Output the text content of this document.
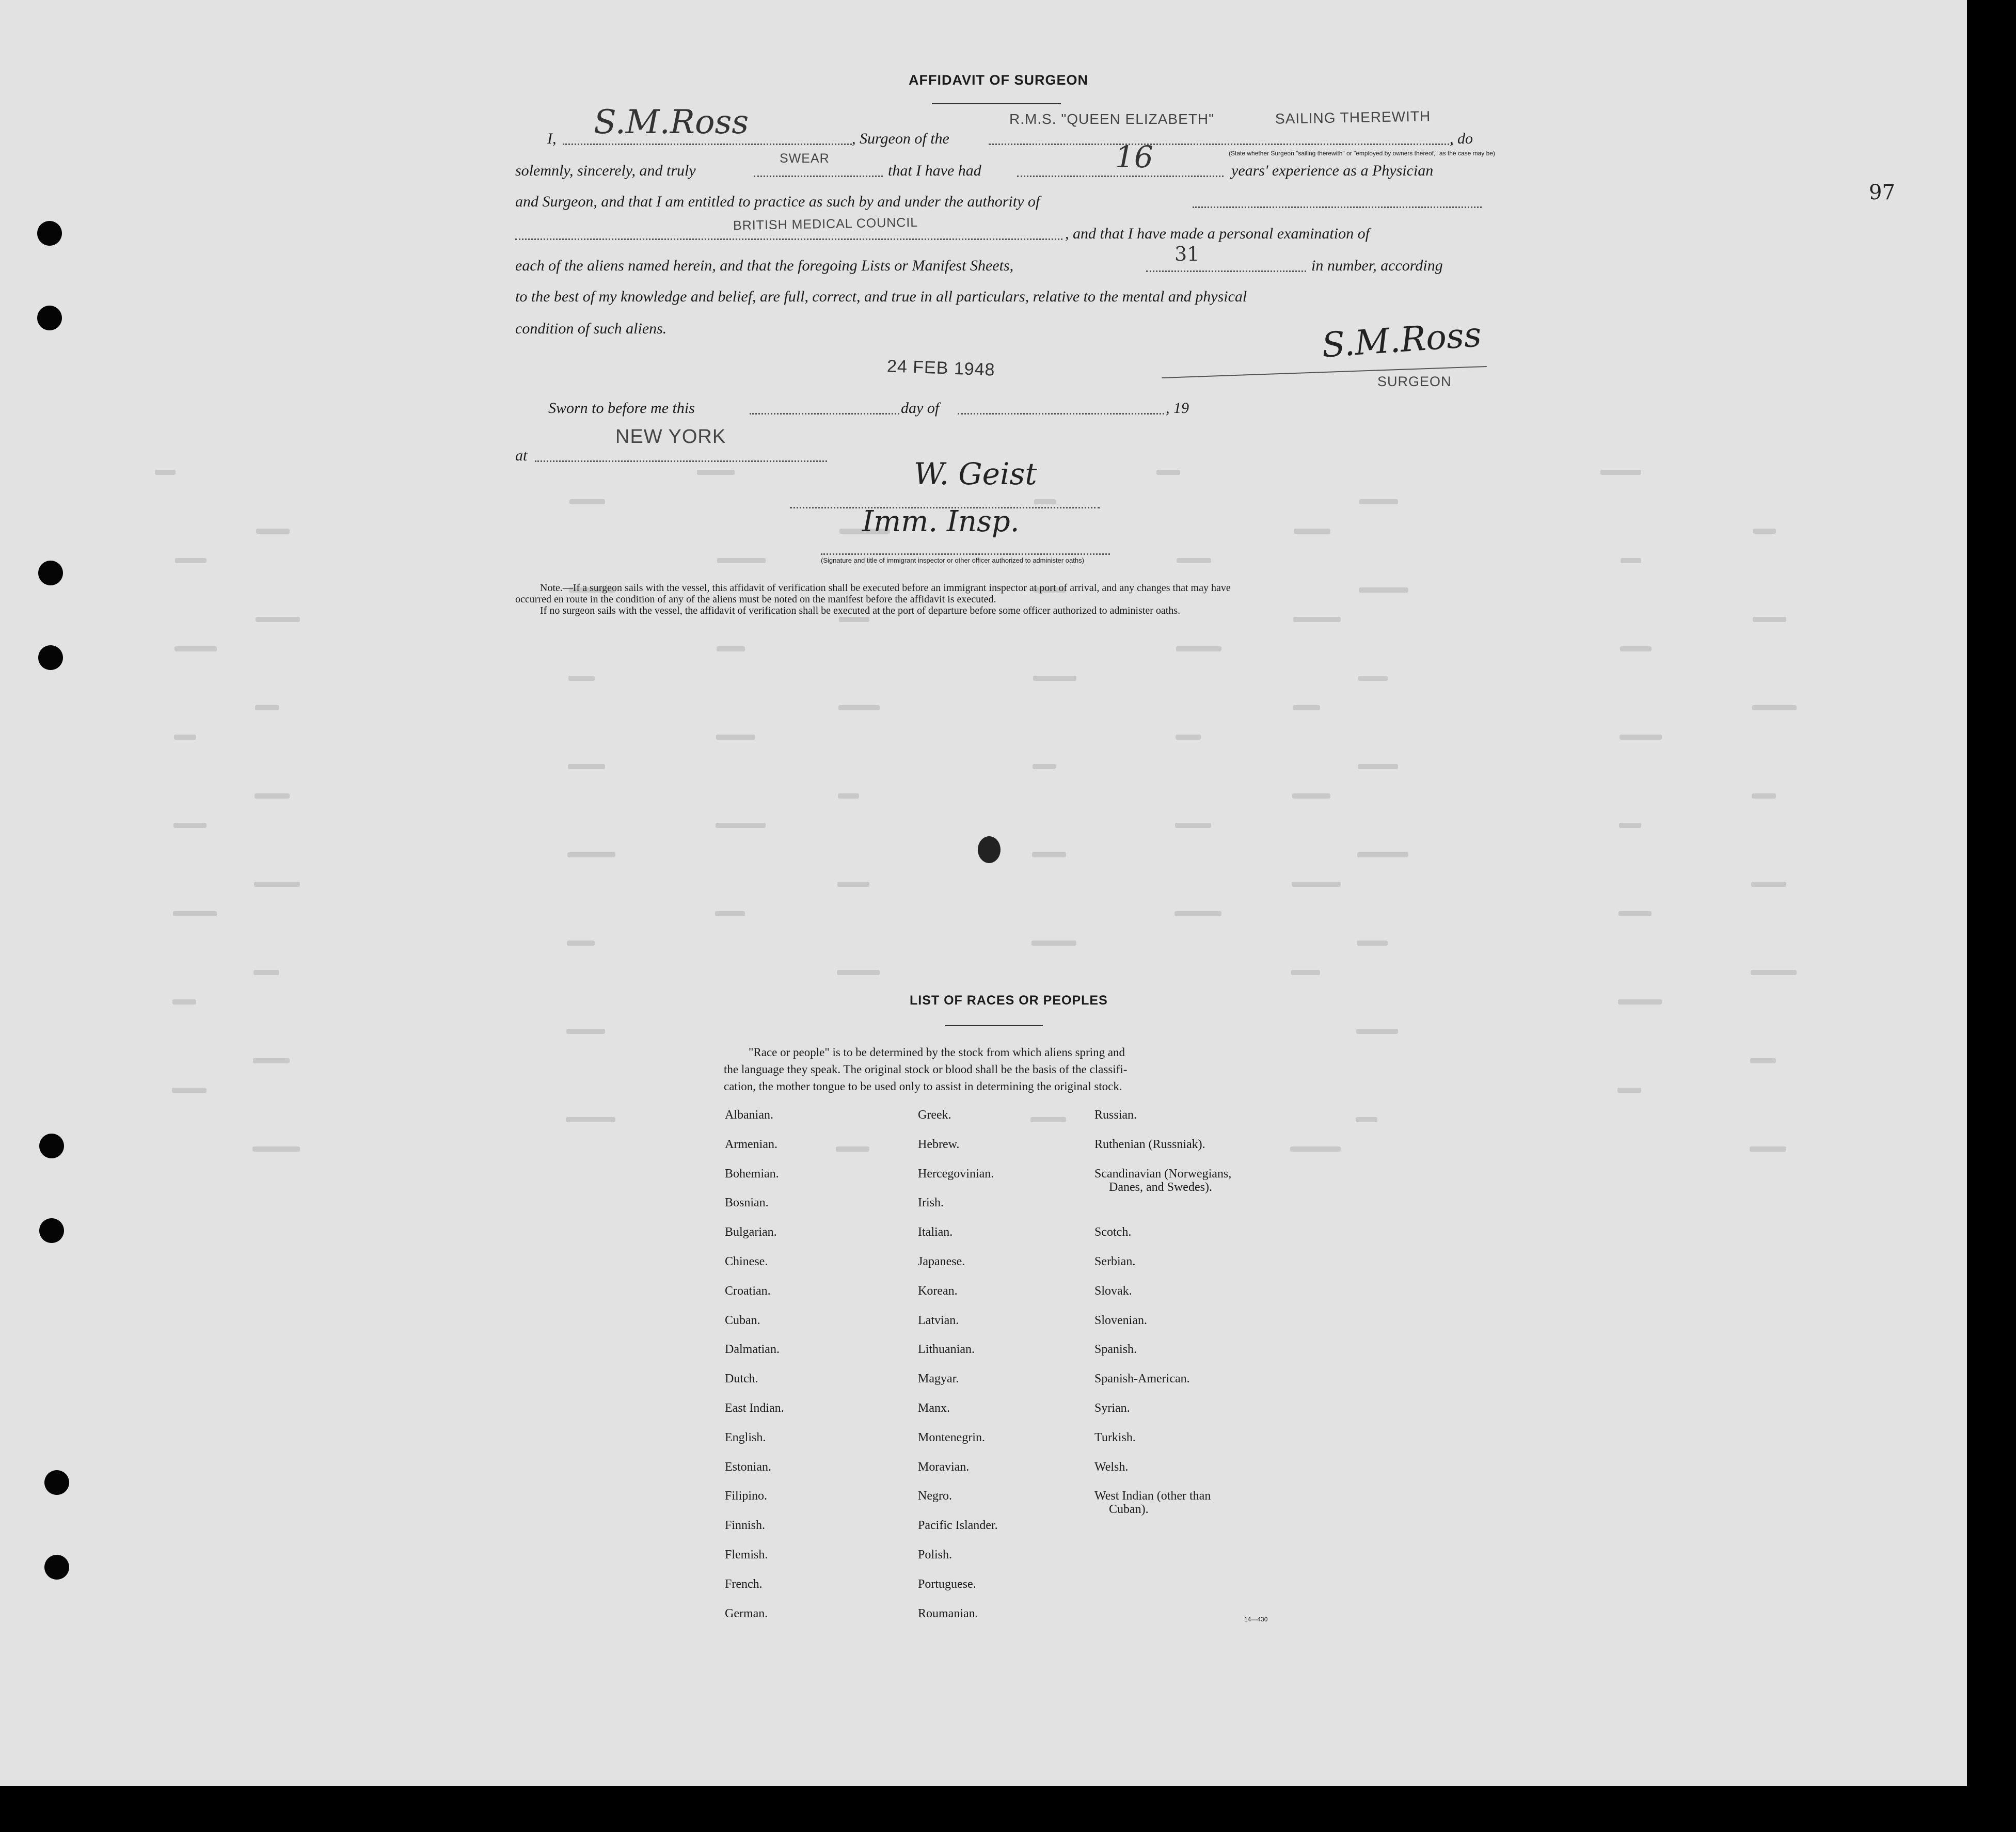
97
AFFIDAVIT OF SURGEON
I, S.M.Ross	, Surgeon of the
R.M.S. "QUEEN ELIZABETH"	SAILING THEREWITH
, do
(State whether Surgeon "sailing therewith" or "employed by owners thereof," as the case may be)
solemnly, sincerely, and truly
SWEAR
that I have had	16	years' experience as a Physician
and Surgeon, and that I am entitled to practice as such by and under the authority of
BRITISH MEDICAL COUNCIL
, and that I have made a personal examination of
each of the aliens named herein, and that the foregoing Lists or Manifest Sheets,
31
in number, according
to the best of my knowledge and belief, are full, correct, and true in all particulars, relative to the mental and physical
condition of such aliens.	S.M.Ross
SURGEON
24 FEB 1948
Sworn to before me this	day of	, 19
at
NEW YORK
W. Geist
Imm. Insp.
(Signature and title of immigrant inspector or other officer authorized to administer oaths)
Note.—If a surgeon sails with the vessel, this affidavit of verification shall be executed before an immigrant inspector at port of arrival, and any changes that may have
occurred en route in the condition of any of the aliens must be noted on the manifest before the affidavit is executed.
If no surgeon sails with the vessel, the affidavit of verification shall be executed at the port of departure before some officer authorized to administer oaths.
LIST OF RACES OR PEOPLES
"Race or people" is to be determined by the stock from which aliens spring and
the language they speak. The original stock or blood shall be the basis of the classifi-
cation, the mother tongue to be used only to assist in determining the original stock.
Albanian.
Armenian.
Bohemian.
Bosnian.
Bulgarian.
Chinese.
Croatian.
Cuban.
Dalmatian.
Dutch.
East Indian.
English.
Estonian.
Filipino.
Finnish.
Flemish.
French.
German.
Greek.
Hebrew.
Hercegovinian.
Irish.
Italian.
Japanese.
Korean.
Latvian.
Lithuanian.
Magyar.
Manx.
Montenegrin.
Moravian.
Negro.
Pacific Islander.
Polish.
Portuguese.
Roumanian.
Russian.
Ruthenian (Russniak).
Scandinavian (Norwegians,
Danes, and Swedes).
Scotch.
Serbian.
Slovak.
Slovenian.
Spanish.
Spanish-American.
Syrian.
Turkish.
Welsh.
West Indian (other than
Cuban).
14—430
